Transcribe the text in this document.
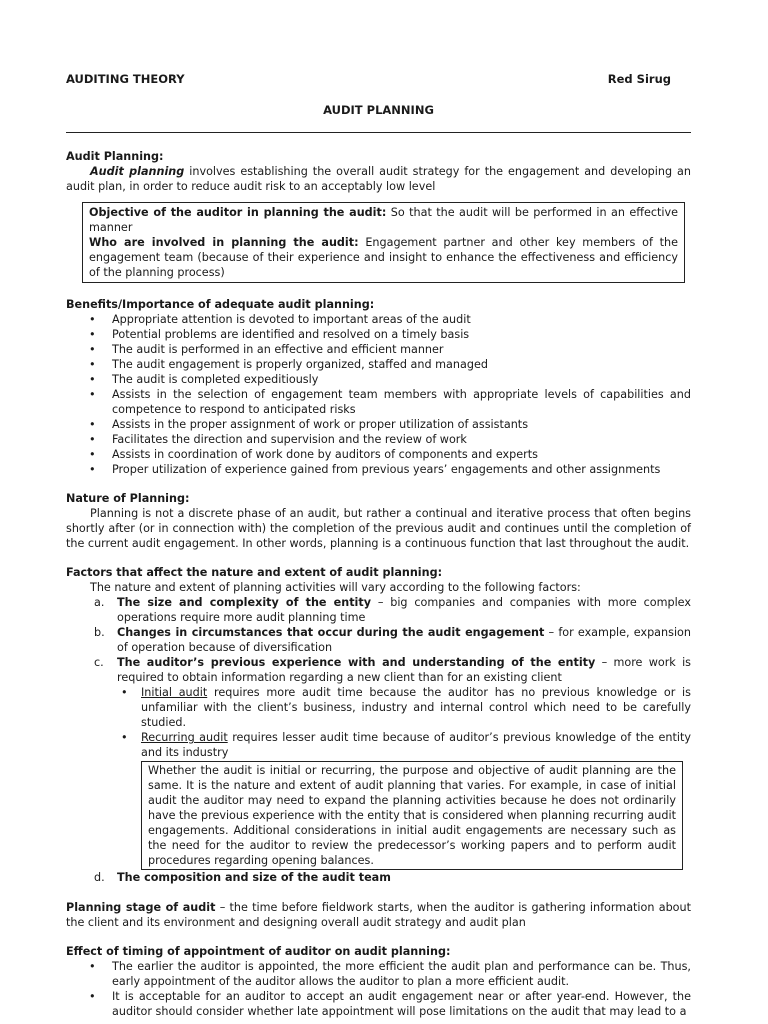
AUDITING THEORY	Red Sirug
AUDIT PLANNING
Audit Planning:
Audit planning involves establishing the overall audit strategy for the engagement and developing an audit plan, in order to reduce audit risk to an acceptably low level
Objective of the auditor in planning the audit: So that the audit will be performed in an effective manner
Who are involved in planning the audit: Engagement partner and other key members of the engagement team (because of their experience and insight to enhance the effectiveness and efficiency of the planning process)
Benefits/Importance of adequate audit planning:
• Appropriate attention is devoted to important areas of the audit
• Potential problems are identified and resolved on a timely basis
• The audit is performed in an effective and efficient manner
• The audit engagement is properly organized, staffed and managed
• The audit is completed expeditiously
• Assists in the selection of engagement team members with appropriate levels of capabilities and competence to respond to anticipated risks
• Assists in the proper assignment of work or proper utilization of assistants
• Facilitates the direction and supervision and the review of work
• Assists in coordination of work done by auditors of components and experts
• Proper utilization of experience gained from previous years’ engagements and other assignments
Nature of Planning:
Planning is not a discrete phase of an audit, but rather a continual and iterative process that often begins shortly after (or in connection with) the completion of the previous audit and continues until the completion of the current audit engagement. In other words, planning is a continuous function that last throughout the audit.
Factors that affect the nature and extent of audit planning:
The nature and extent of planning activities will vary according to the following factors:
a. The size and complexity of the entity – big companies and companies with more complex operations require more audit planning time
b. Changes in circumstances that occur during the audit engagement – for example, expansion of operation because of diversification
c. The auditor’s previous experience with and understanding of the entity – more work is required to obtain information regarding a new client than for an existing client
• Initial audit requires more audit time because the auditor has no previous knowledge or is unfamiliar with the client’s business, industry and internal control which need to be carefully studied.
• Recurring audit requires lesser audit time because of auditor’s previous knowledge of the entity and its industry
Whether the audit is initial or recurring, the purpose and objective of audit planning are the same. It is the nature and extent of audit planning that varies. For example, in case of initial audit the auditor may need to expand the planning activities because he does not ordinarily have the previous experience with the entity that is considered when planning recurring audit engagements. Additional considerations in initial audit engagements are necessary such as the need for the auditor to review the predecessor’s working papers and to perform audit procedures regarding opening balances.
d. The composition and size of the audit team
Planning stage of audit – the time before fieldwork starts, when the auditor is gathering information about the client and its environment and designing overall audit strategy and audit plan
Effect of timing of appointment of auditor on audit planning:
• The earlier the auditor is appointed, the more efficient the audit plan and performance can be. Thus, early appointment of the auditor allows the auditor to plan a more efficient audit.
• It is acceptable for an auditor to accept an audit engagement near or after year-end. However, the auditor should consider whether late appointment will pose limitations on the audit that may lead to a
